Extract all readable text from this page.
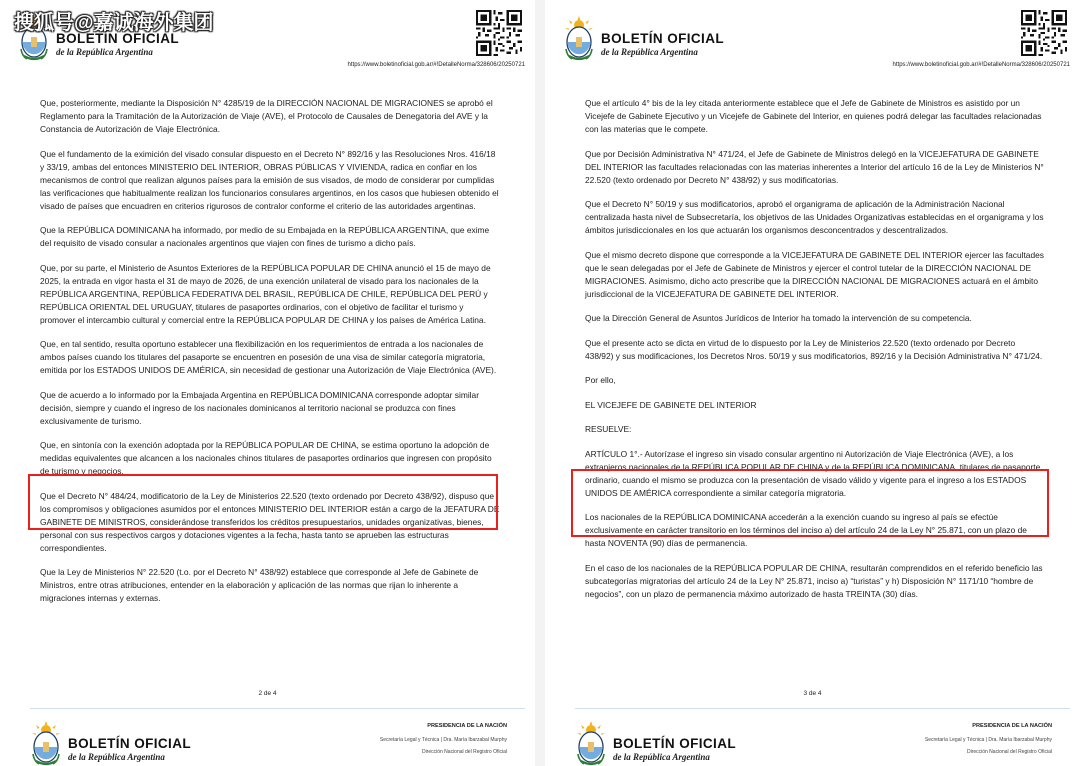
搜狐号@嘉诚海外集团
BOLETÍN OFICIAL
de la República Argentina
https://www.boletinoficial.gob.ar/#!DetalleNorma/328606/20250721

Que, posteriormente, mediante la Disposición N° 4285/19 de la DIRECCIÓN NACIONAL DE MIGRACIONES se aprobó el Reglamento para la Tramitación de la Autorización de Viaje (AVE), el Protocolo de Causales de Denegatoria del AVE y la Constancia de Autorización de Viaje Electrónica.

Que el fundamento de la eximición del visado consular dispuesto en el Decreto N° 892/16 y las Resoluciones Nros. 416/18 y 33/19, ambas del entonces MINISTERIO DEL INTERIOR, OBRAS PÚBLICAS Y VIVIENDA, radica en confiar en los mecanismos de control que realizan algunos países para la emisión de sus visados, de modo de considerar por cumplidas las verificaciones que habitualmente realizan los funcionarios consulares argentinos, en los casos que hubiesen obtenido el visado de países que encuadren en criterios rigurosos de contralor conforme el criterio de las autoridades argentinas.

Que la REPÚBLICA DOMINICANA ha informado, por medio de su Embajada en la REPÚBLICA ARGENTINA, que exime del requisito de visado consular a nacionales argentinos que viajen con fines de turismo a dicho país.

Que, por su parte, el Ministerio de Asuntos Exteriores de la REPÚBLICA POPULAR DE CHINA anunció el 15 de mayo de 2025, la entrada en vigor hasta el 31 de mayo de 2026, de una exención unilateral de visado para los nacionales de la REPÚBLICA ARGENTINA, REPÚBLICA FEDERATIVA DEL BRASIL, REPÚBLICA DE CHILE, REPÚBLICA DEL PERÚ y REPÚBLICA ORIENTAL DEL URUGUAY, titulares de pasaportes ordinarios, con el objetivo de facilitar el turismo y promover el intercambio cultural y comercial entre la REPÚBLICA POPULAR DE CHINA y los países de América Latina.

Que, en tal sentido, resulta oportuno establecer una flexibilización en los requerimientos de entrada a los nacionales de ambos países cuando los titulares del pasaporte se encuentren en posesión de una visa de similar categoría migratoria, emitida por los ESTADOS UNIDOS DE AMÉRICA, sin necesidad de gestionar una Autorización de Viaje Electrónica (AVE).

Que de acuerdo a lo informado por la Embajada Argentina en REPÚBLICA DOMINICANA corresponde adoptar similar decisión, siempre y cuando el ingreso de los nacionales dominicanos al territorio nacional se produzca con fines exclusivamente de turismo.

Que, en sintonía con la exención adoptada por la REPÚBLICA POPULAR DE CHINA, se estima oportuno la adopción de medidas equivalentes que alcancen a los nacionales chinos titulares de pasaportes ordinarios que ingresen con propósito de turismo y negocios.

Que el Decreto N° 484/24, modificatorio de la Ley de Ministerios 22.520 (texto ordenado por Decreto 438/92), dispuso que los compromisos y obligaciones asumidos por el entonces MINISTERIO DEL INTERIOR están a cargo de la JEFATURA DE GABINETE DE MINISTROS, considerándose transferidos los créditos presupuestarios, unidades organizativas, bienes, personal con sus respectivos cargos y dotaciones vigentes a la fecha, hasta tanto se aprueben las estructuras correspondientes.

Que la Ley de Ministerios N° 22.520 (t.o. por el Decreto N° 438/92) establece que corresponde al Jefe de Gabinete de Ministros, entre otras atribuciones, entender en la elaboración y aplicación de las normas que rijan lo inherente a migraciones internas y externas.

2 de 4
BOLETÍN OFICIAL
de la República Argentina
PRESIDENCIA DE LA NACIÓN
Secretaría Legal y Técnica | Dra. María Ibarzabal Murphy
Dirección Nacional del Registro Oficial
BOLETÍN OFICIAL
de la República Argentina
https://www.boletinoficial.gob.ar/#!DetalleNorma/328606/20250721

Que el artículo 4° bis de la ley citada anteriormente establece que el Jefe de Gabinete de Ministros es asistido por un Vicejefe de Gabinete Ejecutivo y un Vicejefe de Gabinete del Interior, en quienes podrá delegar las facultades relacionadas con las materias que le compete.

Que por Decisión Administrativa N° 471/24, el Jefe de Gabinete de Ministros delegó en la VICEJEFATURA DE GABINETE DEL INTERIOR las facultades relacionadas con las materias inherentes a Interior del artículo 16 de la Ley de Ministerios N° 22.520 (texto ordenado por Decreto N° 438/92) y sus modificatorias.

Que el Decreto N° 50/19 y sus modificatorios, aprobó el organigrama de aplicación de la Administración Nacional centralizada hasta nivel de Subsecretaría, los objetivos de las Unidades Organizativas establecidas en el organigrama y los ámbitos jurisdiccionales en los que actuarán los organismos desconcentrados y descentralizados.

Que el mismo decreto dispone que corresponde a la VICEJEFATURA DE GABINETE DEL INTERIOR ejercer las facultades que le sean delegadas por el Jefe de Gabinete de Ministros y ejercer el control tutelar de la DIRECCIÓN NACIONAL DE MIGRACIONES. Asimismo, dicho acto prescribe que la DIRECCIÓN NACIONAL DE MIGRACIONES actuará en el ámbito jurisdiccional de la VICEJEFATURA DE GABINETE DEL INTERIOR.

Que la Dirección General de Asuntos Jurídicos de Interior ha tomado la intervención de su competencia.

Que el presente acto se dicta en virtud de lo dispuesto por la Ley de Ministerios 22.520 (texto ordenado por Decreto 438/92) y sus modificaciones, los Decretos Nros. 50/19 y sus modificatorios, 892/16 y la Decisión Administrativa N° 471/24.

Por ello,

EL VICEJEFE DE GABINETE DEL INTERIOR

RESUELVE:

ARTÍCULO 1°.- Autorízase el ingreso sin visado consular argentino ni Autorización de Viaje Electrónica (AVE), a los extranjeros nacionales de la REPÚBLICA POPULAR DE CHINA y de la REPÚBLICA DOMINICANA, titulares de pasaporte ordinario, cuando el mismo se produzca con la presentación de visado válido y vigente para el ingreso a los ESTADOS UNIDOS DE AMÉRICA correspondiente a similar categoría migratoria.

Los nacionales de la REPÚBLICA DOMINICANA accederán a la exención cuando su ingreso al país se efectúe exclusivamente en carácter transitorio en los términos del inciso a) del artículo 24 de la Ley N° 25.871, con un plazo de hasta NOVENTA (90) días de permanencia.

En el caso de los nacionales de la REPÚBLICA POPULAR DE CHINA, resultarán comprendidos en el referido beneficio las subcategorías migratorias del artículo 24 de la Ley N° 25.871, inciso a) “turistas” y h) Disposición N° 1171/10 “hombre de negocios”, con un plazo de permanencia máximo autorizado de hasta TREINTA (30) días.

3 de 4
BOLETÍN OFICIAL
de la República Argentina
PRESIDENCIA DE LA NACIÓN
Secretaría Legal y Técnica | Dra. María Ibarzabal Murphy
Dirección Nacional del Registro Oficial
